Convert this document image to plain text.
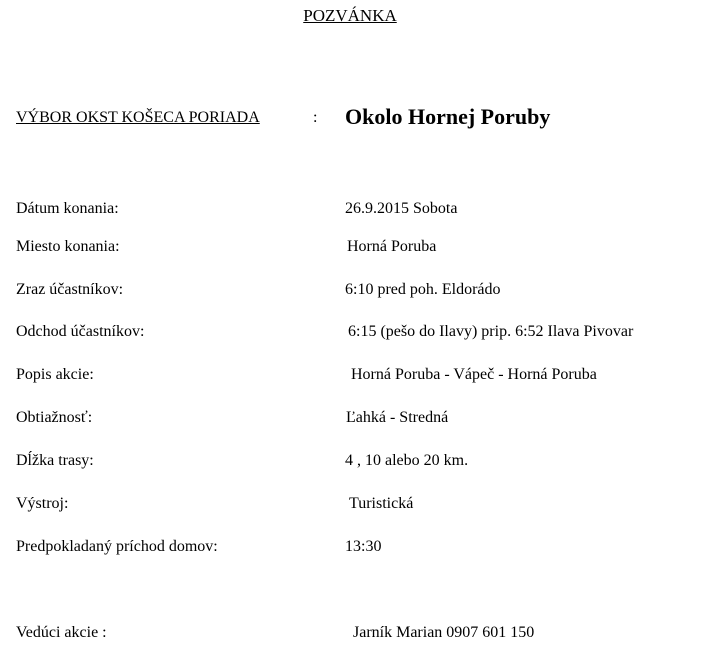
POZVÁNKA
VÝBOR OKST KOŠECA PORIADA	: Okolo Hornej Poruby
Dátum konania:	26.9.2015 Sobota
Miesto konania:	Horná Poruba
Zraz účastníkov:	6:10 pred poh. Eldorádo
Odchod účastníkov:	6:15 (pešo do Ilavy) prip. 6:52 Ilava Pivovar
Popis akcie:	Horná Poruba - Vápeč - Horná Poruba
Obtiažnosť:	Ľahká - Stredná
Dĺžka trasy:	4 , 10 alebo 20 km.
Výstroj:	Turistická
Predpokladaný príchod domov:	13:30
Vedúci akcie :	Jarník Marian 0907 601 150
